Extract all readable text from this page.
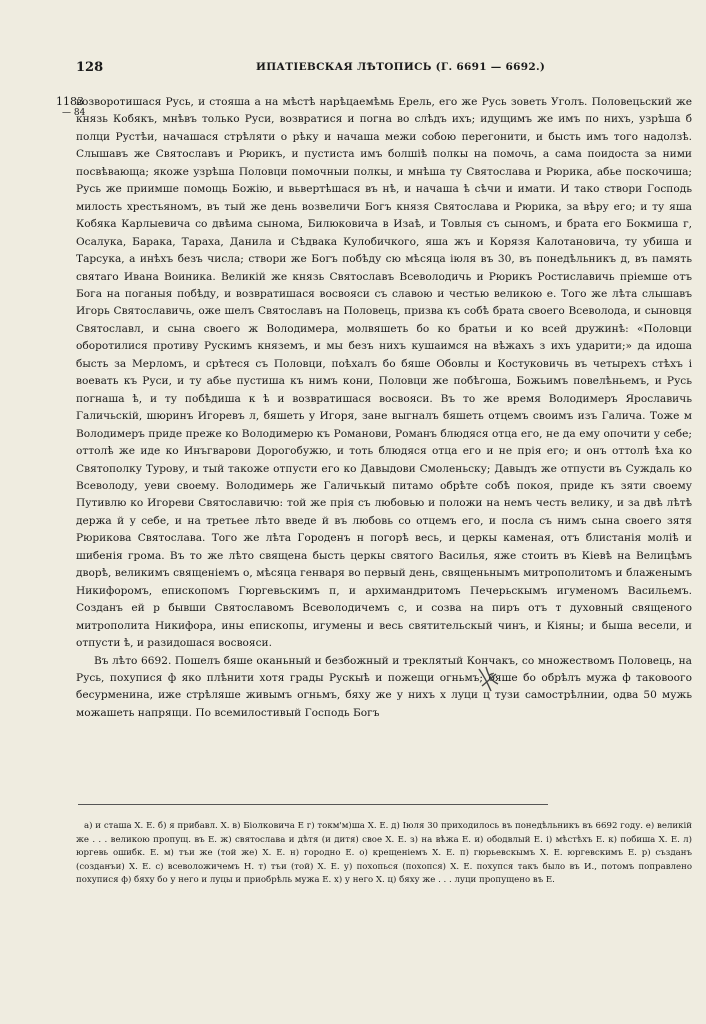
128	ИПАТІЕВСКАЯ ЛѢТОПИСЬ (Г. 6691 — 6692.)
1183
— 84

возворотишася Русь, и стояша а на мѣстѣ нарѣцаемѣмь Ерель, его же Русь зоветь Уголъ. Половецьский же князь Кобякъ, мнѣвъ только Руси, возвратися и погна во слѣдъ ихъ; идущимъ же имъ по нихъ, узрѣша б полци Рустѣи, начашася стрѣляти о рѣку и начаша межи собою перегонити, и бысть имъ того надолзѣ. Слышавъ же Святославъ и Рюрикъ, и пустиста имъ болшіѣ полкы на помочь, а сама поидоста за ними посвѣвающа; якоже узрѣша Половци помочныи полкы, и мнѣша ту Святослава и Рюрика, абье поскочиша; Русь же приимше помощь Божію, и вьвертѣшася въ нѣ, и начаша ѣ сѣчи и имати. И тако створи Господь милость хрестьяномъ, въ тый же день возвеличи Богъ князя Святослава и Рюрика, за вѣру его; и ту яша Кобяка Карлыевича со двѣима сынома, Билюковича в Изаѣ, и Товлыя съ сыномъ, и брата его Бокмиша г, Осалука, Барака, Тараха, Данила и Сѣдвака Кулобичкого, яша жъ и Корязя Калотановича, ту убиша и Тарсука, а инѣхъ безъ числа; створи же Богъ побѣду сю мѣсяца іюля въ 30, въ понедѣльникъ д, въ память святаго Ивана Воиника. Великій же князь Святославъ Всеволодичь и Рюрикъ Ростиславичь пріемше отъ Бога на поганыя побѣду, и возвратишася восвояси съ славою и честью великою е. Того же лѣта слышавъ Игорь Святославичь, оже шелъ Святославъ на Половець, призва къ собѣ брата своего Всеволода, и сыновця Святославл, и сына своего ж Володимера, молвяшеть бо ко братьи и ко всей дружинѣ: «Половци оборотилися противу Рускимъ княземъ, и мы безъ нихъ кушаимся на вѣжахъ з ихъ ударити;» да идоша бысть за Мерломъ, и срѣтеся съ Половци, поѣхалъ бо бяше Обовлы и Костуковичь въ четырехъ стѣхъ і воевать къ Руси, и ту абье пустиша къ нимъ кони, Половци же побѣгоша, Божьимъ повелѣньемъ, и Русь погнаша ѣ, и ту побѣдиша к ѣ и возвратишася восвояси. Въ то же время Володимеръ Ярославичь Галичьскій, шюринъ Игоревъ л, бяшеть у Игоря, зане выгналъ бяшеть отцемъ своимъ изъ Галича. Тоже м Володимеръ приде преже ко Володимерю къ Романови, Романъ блюдяся отца его, не да ему опочити у себе; оттолѣ же иде ко Инъгварови Дорогобужю, и тоть блюдяся отца его и не прія его; и онъ оттолѣ ѣха ко Святополку Турову, и тый такоже отпусти его ко Давыдови Смоленьску; Давыдъ же отпусти въ Суждаль ко Всеволоду, уеви своему. Володимерь же Галичькый питамо обрѣте собѣ покоя, приде къ зяти своему Путивлю ко Игореви Святославичю: той же прія съ любовью и положи на немъ честь велику, и за двѣ лѣтѣ держа й у себе, и на третьее лѣто введе й въ любовь со отцемъ его, и посла съ нимъ сына своего зятя Рюрикова Святослава. Того же лѣта Городенъ н погорѣ весь, и церкы каменая, отъ блистанія моліѣ и шибенія грома. Въ то же лѣто священа бысть церкы святого Василья, яже стоить въ Кіевѣ на Велицѣмъ дворѣ, великимъ священіемъ о, мѣсяца генваря во первый день, священьнымъ митрополитомъ и блаженымъ Никифоромъ, епископомъ Гюргевьскимъ п, и архимандритомъ Печерьскымъ игуменомъ Васильемъ. Созданъ ей р бывши Святославомъ Всеволодичемъ с, и созва на пиръ отъ т духовный священого митрополита Никифора, ины епископы, игумены и весь святительскый чинъ, и Кіяны; и быша весели, и отпусти ѣ, и разидошася восвояси.

Въ лѣто 6692. Пошелъ бяше оканьный и безбожный и треклятый Кончакъ, со множествомъ Половець, на Русь, похупися ф яко плѣнити хотя грады Рускыѣ и пожещи огньмъ; бяше бо обрѣлъ мужа ф таковоого бесурменина, иже стрѣляше живымъ огньмъ, бяху же у нихъ х луци ц тузи самострѣлнии, одва 50 мужь можашеть напрящи. По всемилостивый Господь Богъ

а) и сташа Х. Е. б) я прибавл. Х. в) Біолковича Е г) токм'м)ша Х. Е. д) Іюля 30 приходилось въ понедѣльникъ въ 6692 году. е) великій же . . . великою пропущ. въ Е. ж) святослава и дѣтя (и дитя) свое Х. Е. з) на вѣжа Е. и) ободвлый Е. і) мѣстѣхъ Е. к) побиша Х. Е. л) юргевь ошибк. Е. м) тъи же (той же) Х. Е. н) городно Е. о) крещеніемъ Х. Е. п) гюрьевскымъ Х. Е. юргевскимъ Е. р) създанъ (созданъи) Х. Е. с) всеволожичемъ Н. т) тъи (той) Х. Е. у) похопься (похопся) Х. Е. похупся такъ было въ И., потомъ поправлено похупися ф) бяху бо у него и луцы и приобрѣль мужа Е. х) у него Х. ц) бяху же . . . луци пропущено въ Е.
